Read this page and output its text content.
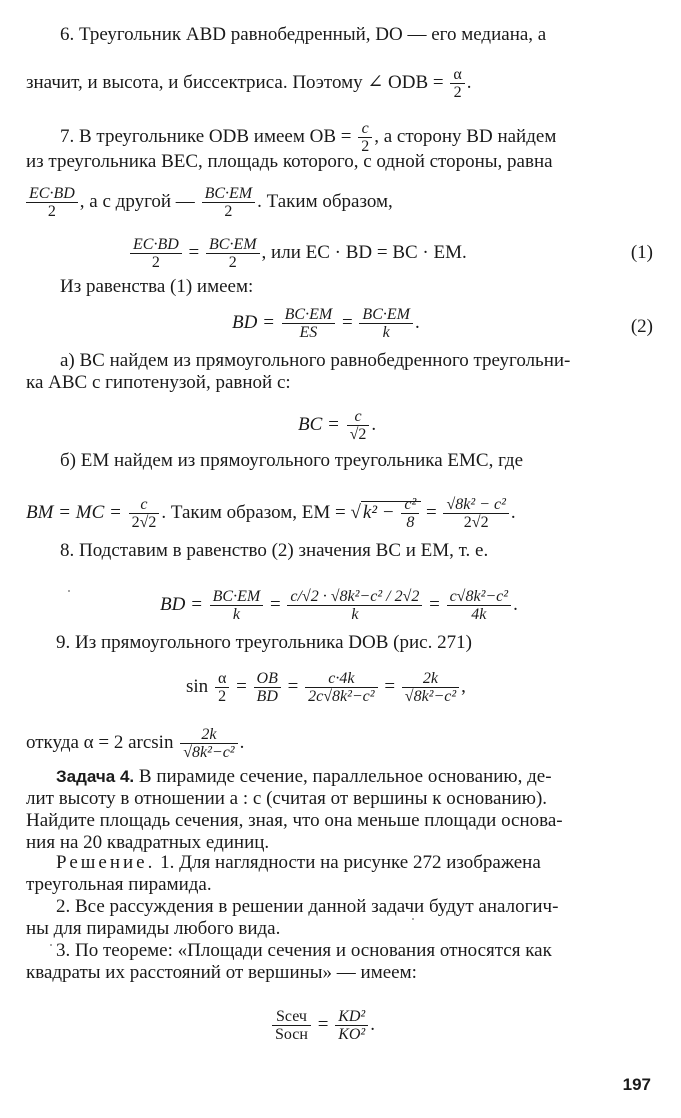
6. Треугольник ABD равнобедренный, DO — его медиана, а
значит, и высота, и биссектриса. Поэтому ∠ ODB = $\frac{\alpha}{2}$ .
7. В треугольнике ODB имеем OB = $\frac{c}{2}$ , а сторону BD найдем
из треугольника BEC, площадь которого, с одной стороны, равна
$\frac{EC\cdot BD}{2}$ , а с другой — $\frac{BC\cdot EM}{2}$ . Таким образом,
$\frac{EC\cdot BD}{2} = \frac{BC\cdot EM}{2}$ , или EC · BD = BC · EM.	(1)
Из равенства (1) имеем:
BD = $\frac{BC\cdot EM}{ES} = \frac{BC\cdot EM}{k}$ .	(2)
а) BC найдем из прямоугольного равнобедренного треугольни-
ка ABC с гипотенузой, равной c:
BC = $\frac{c}{√2}$ .
б) EM найдем из прямоугольного треугольника EMC, где
BM = MC = $\frac{c}{2√2}$ . Таким образом, EM = √ $k^2 - \frac{\text{c²}}{8} = \frac{\text{√8k² − c²}}{2√2}$ .
8. Подставим в равенство (2) значения BC и EM, т. е.
BD = $\frac{BC\cdot EM}{k} = \frac{\text{c/√2 · √8k²−c² / 2√2}}{k} = \frac{\text{c√8k²−c²}}{4k}$ .
9. Из прямоугольного треугольника DOB (рис. 271)
$\sin \frac{\alpha}{2} = \frac{OB}{BD} = \frac{c\cdot 4k}{\text{2c√8k²−c²}} = \frac{2k}{\text{√8k²−c²}}$ ,
откуда α = 2 $\arcsin \frac{2k}{\text{√8k²−c²}}$ .
Задача 4. В пирамиде сечение, параллельное основанию, де-
лит высоту в отношении a : c (считая от вершины к основанию).
Найдите площадь сечения, зная, что она меньше площади основа-
ния на 20 квадратных единиц.
Решение. 1. Для наглядности на рисунке 272 изображена
треугольная пирамида.
2. Все рассуждения в решении данной задачи будут аналогич-
ны для пирамиды любого вида.
3. По теореме: «Площади сечения и основания относятся как
квадраты их расстояний от вершины» — имеем:
$\frac{\text{Sсеч}}{\text{Sосн}} = \frac{\text{KD²}}{\text{KO²}}$ .
197
